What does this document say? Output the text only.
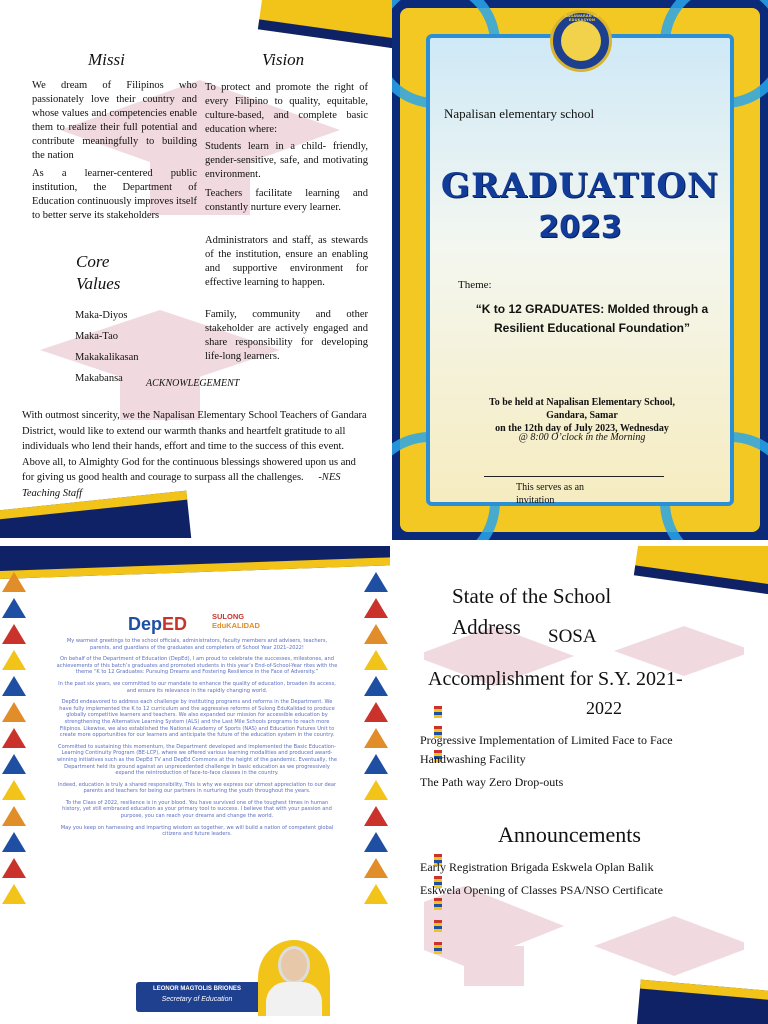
Missi	Vision
We dream of Filipinos who passionately love their country and whose values and competencies enable them to realize their full potential and contribute meaningfully to building the nation
As a learner-centered public institution, the Department of Education continuously improves itself to better serve its stakeholders
To protect and promote the right of every Filipino to quality, equitable, culture-based, and complete basic education where:
Students learn in a child- friendly, gender-sensitive, safe, and motivating environment.
Teachers facilitate learning and constantly nurture every learner.
Administrators and staff, as stewards of the institution, ensure an enabling and supportive environment for effective learning to happen.
Family, community and other stakeholder are actively engaged and share responsibility for developing life-long learners.
Core
Values
Maka-Diyos
Maka-Tao
Makakalikasan
Makabansa	ACKNOWLEGEMENT
With outmost sincerity, we the Napalisan Elementary School Teachers of Gandara District, would like to extend our warmth thanks and heartfelt gratitude to all individuals who lend their hands, effort and time to the success of this event. Above all, to Almighty God for the continuous blessings showered upon us and for giving us good health and courage to surpass all the challenges. -NES Teaching Staff
KAGAWARAN NG EDUKASYON
Napalisan elementary school
GRADUATION
2023
Theme:
“K to 12 GRADUATES: Molded through a Resilient Educational Foundation”
To be held at Napalisan Elementary School,
Gandara, Samar
on the 12th day of July 2023, Wednesday
@ 8:00 O’clock in the Morning
This serves as an invitation
DepED	SULONG
EduKALIDAD

My warmest greetings to the school officials, administrators, faculty members and advisers, teachers, parents, and guardians of the graduates and completers of School Year 2021–2022!

On behalf of the Department of Education (DepEd), I am proud to celebrate the successes, milestones, and achievements of this batch’s graduates and promoted students in this year’s End-of-School-Year rites with the theme “K to 12 Graduates: Pursuing Dreams and Fostering Resilience in the Face of Adversity.”

In the past six years, we committed to our mandate to enhance the quality of education, broaden its access, and ensure its relevance in the rapidly changing world.

DepEd endeavored to address each challenge by instituting programs and reforms in the Department. We have fully implemented the K to 12 curriculum and the aggressive reforms of Sulong EduKalidad to produce globally competitive learners and teachers. We also expanded our mission for accessible education by strengthening the Alternative Learning System (ALS) and the Last Mile Schools programs to reach more Filipinos. Likewise, we also established the National Academy of Sports (NAS) and Education Futures Unit to create more opportunities for our learners and anticipate the future of the education system in the country.

Committed to sustaining this momentum, the Department developed and implemented the Basic Education-Learning Continuity Program (BE-LCP), where we offered various learning modalities and produced award-winning initiatives such as the DepEd TV and DepEd Commons at the height of the pandemic. Eventually, the Department held its ground against an unprecedented challenge in basic education as we progressively expand the reintroduction of face-to-face classes in the country.

Indeed, education is truly a shared responsibility. This is why we express our utmost appreciation to our dear parents and teachers for being our partners in nurturing the youth throughout the years.

To the Class of 2022, resilience is in your blood. You have survived one of the toughest times in human history, yet still embraced education as your primary tool to success. I believe that with your passion and purpose, you can reach your dreams and change the world.

May you keep on harnessing and imparting wisdom as together, we will build a nation of competent global citizens and future leaders.

LEONOR MAGTOLIS BRIONES
Secretary of Education
State of the School
Address SOSA
Accomplishment for S.Y. 2021-
2022
Progressive Implementation of Limited Face to Face
Handwashing Facility
The Path way Zero Drop-outs
Announcements
Early Registration Brigada Eskwela Oplan Balik
Eskwela Opening of Classes PSA/NSO Certificate
